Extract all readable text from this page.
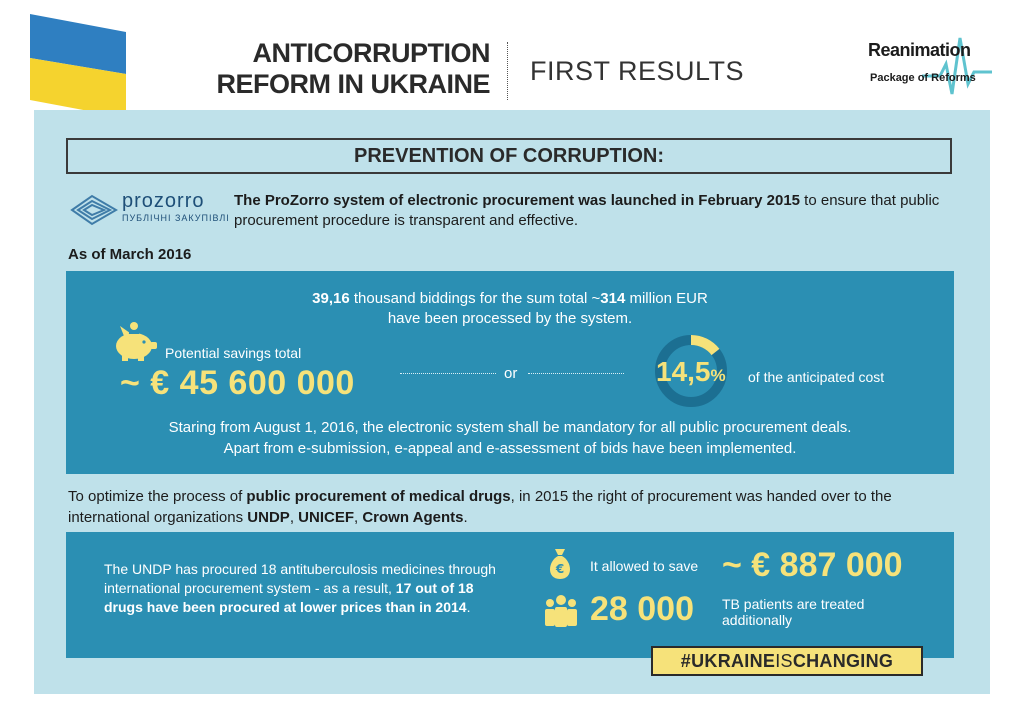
ANTICORRUPTION
REFORM IN UKRAINE FIRST RESULTS
Reanimation
Package of Reforms
PREVENTION OF CORRUPTION:
prozorro
ПУБЛІЧНІ ЗАКУПІВЛІ
The ProZorro system of electronic procurement was launched in February 2015 to ensure that public procurement procedure is transparent and effective.
As of March 2016
39,16 thousand biddings for the sum total ~314 million EUR
have been processed by the system.
Potential savings total
~ € 45 600 000	or	14,5% of the anticipated cost
Staring from August 1, 2016, the electronic system shall be mandatory for all public procurement deals.
Apart from e-submission, e-appeal and e-assessment of bids have been implemented.
To optimize the process of public procurement of medical drugs, in 2015 the right of procurement was handed over to the international organizations UNDP, UNICEF, Crown Agents.
The UNDP has procured 18 antituberculosis medicines through international procurement system - as a result, 17 out of 18 drugs have been procured at lower prices than in 2014.
€ It allowed to save ~ € 887 000
28 000 TB patients are treated additionally
#UKRAINEISCHANGING
